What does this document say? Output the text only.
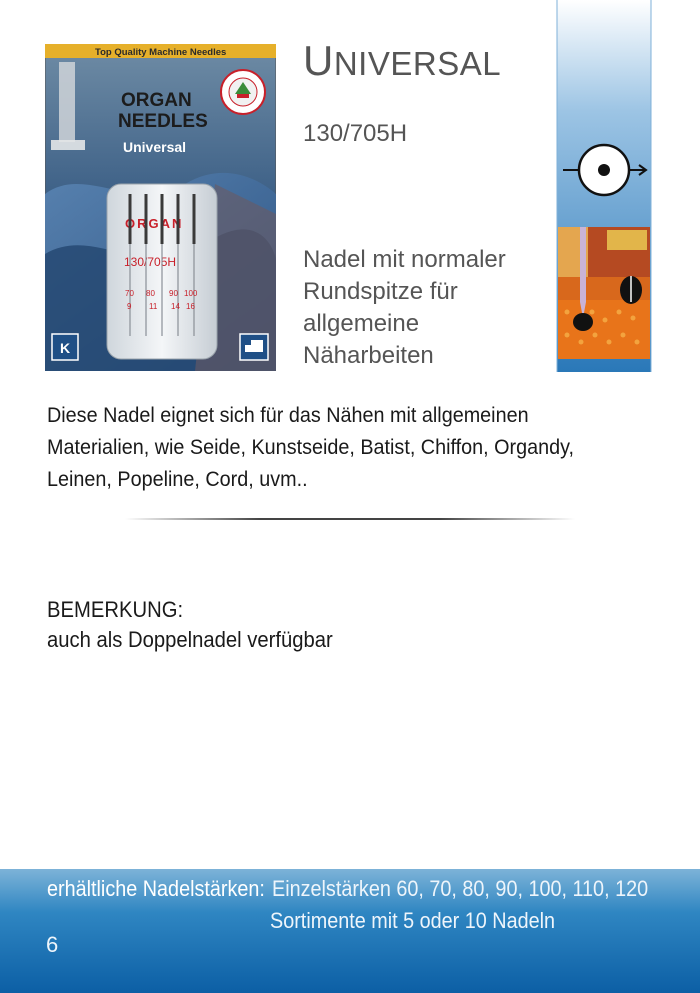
Top Quality Machine Needles
ORGAN
NEEDLES
Universal
ORGAN
130/705H
70 80 90 100
9 11 14 16
K
UNIVERSAL
130/705H
Nadel mit normaler Rundspitze für allgemeine Näharbeiten
Diese Nadel eignet sich für das Nähen mit allgemeinen
Materialien, wie Seide, Kunstseide, Batist, Chiffon, Organdy,
Leinen, Popeline, Cord, uvm..
BEMERKUNG:
auch als Doppelnadel verfügbar
erhältliche Nadelstärken: Einzelstärken 60, 70, 80, 90, 100, 110, 120
Sortimente mit 5 oder 10 Nadeln
6
